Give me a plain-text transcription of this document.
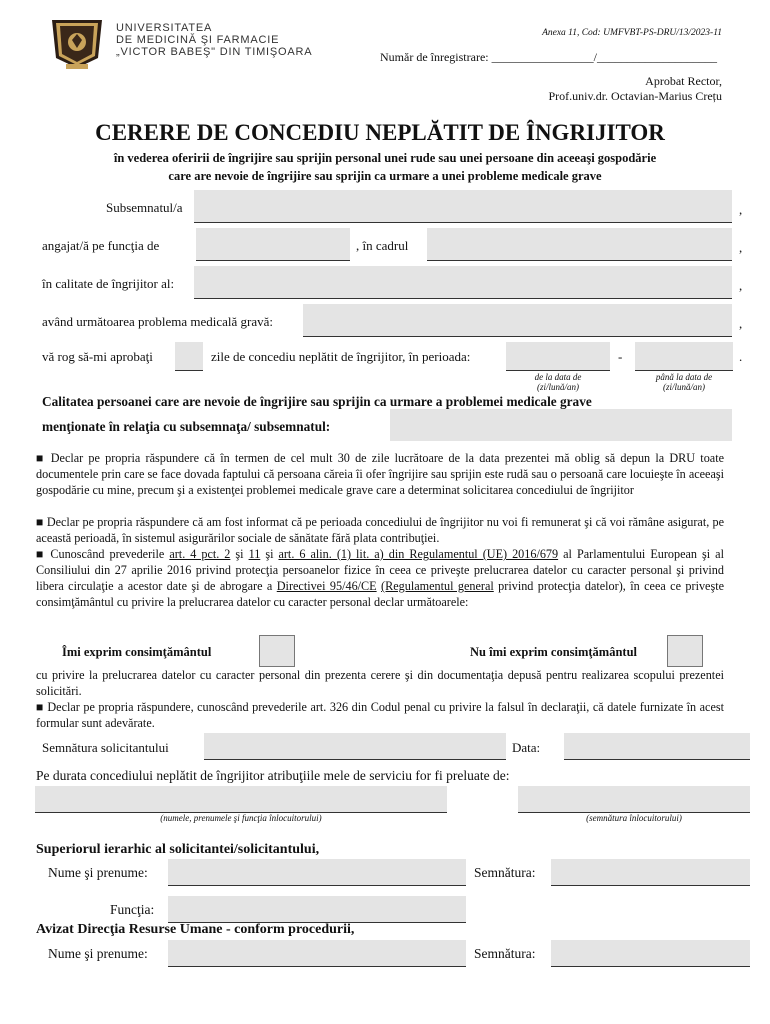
UNIVERSITATEA
DE MEDICINĂ ŞI FARMACIE
„VICTOR BABEŞ" DIN TIMIŞOARA
Anexa 11, Cod: UMFVBT-PS-DRU/13/2023-11
Număr de înregistrare: _________________/____________________
Aprobat Rector,
Prof.univ.dr. Octavian-Marius Crețu
CERERE DE CONCEDIU NEPLĂTIT DE ÎNGRIJITOR
în vederea oferirii de îngrijire sau sprijin personal unei rude sau unei persoane din aceeaşi gospodărie
care are nevoie de îngrijire sau sprijin ca urmare a unei probleme medicale grave
Subsemnatul/a	,
angajat/ă pe funcţia de	, în cadrul	,
în calitate de îngrijitor al:	,
având următoarea problema medicală gravă:	,
vă rog să-mi aprobaţi	zile de concediu neplătit de îngrijitor, în perioada:	-	.
de la data de
(zi/lună/an)
până la data de
(zi/lună/an)
Calitatea persoanei care are nevoie de îngrijire sau sprijin ca urmare a problemei medicale grave
menţionate în relaţia cu subsemnaţa/ subsemnatul:
■ Declar pe propria răspundere că în termen de cel mult 30 de zile lucrătoare de la data prezentei mă oblig să depun la DRU toate documentele prin care se face dovada faptului că persoana căreia îi ofer îngrijire sau sprijin este rudă sau o persoană care locuieşte în aceeaşi gospodărie cu mine, precum şi a existenţei problemei medicale grave care a determinat solicitarea concediului de îngrijitor
■ Declar pe propria răspundere că am fost informat că pe perioada concediului de îngrijitor nu voi fi remunerat şi că voi rămâne asigurat, pe această perioadă, în sistemul asigurărilor sociale de sănătate fără plata contribuţiei.
■ Cunoscând prevederile art. 4 pct. 2 şi 11 şi art. 6 alin. (1) lit. a) din Regulamentul (UE) 2016/679 al Parlamentului European şi al Consiliului din 27 aprilie 2016 privind protecţia persoanelor fizice în ceea ce priveşte prelucrarea datelor cu caracter personal şi privind libera circulaţie a acestor date şi de abrogare a Directivei 95/46/CE (Regulamentul general privind protecţia datelor), în ceea ce priveşte consimţământul cu privire la prelucrarea datelor cu caracter personal declar următoarele:
Îmi exprim consimţământul	Nu îmi exprim consimţământul
cu privire la prelucrarea datelor cu caracter personal din prezenta cerere şi din documentaţia depusă pentru realizarea scopului prezentei solicitări.
■ Declar pe propria răspundere, cunoscând prevederile art. 326 din Codul penal cu privire la falsul în declaraţii, că datele furnizate în acest formular sunt adevărate.
Semnătura solicitantului	Data:
Pe durata concediului neplătit de îngrijitor atribuţiile mele de serviciu for fi preluate de:
(numele, prenumele şi funcţia înlocuitorului)	(semnătura înlocuitorului)
Superiorul ierarhic al solicitantei/solicitantului,
Nume şi prenume:	Semnătura:
Funcţia:
Avizat Direcţia Resurse Umane - conform procedurii,
Nume şi prenume:	Semnătura:
